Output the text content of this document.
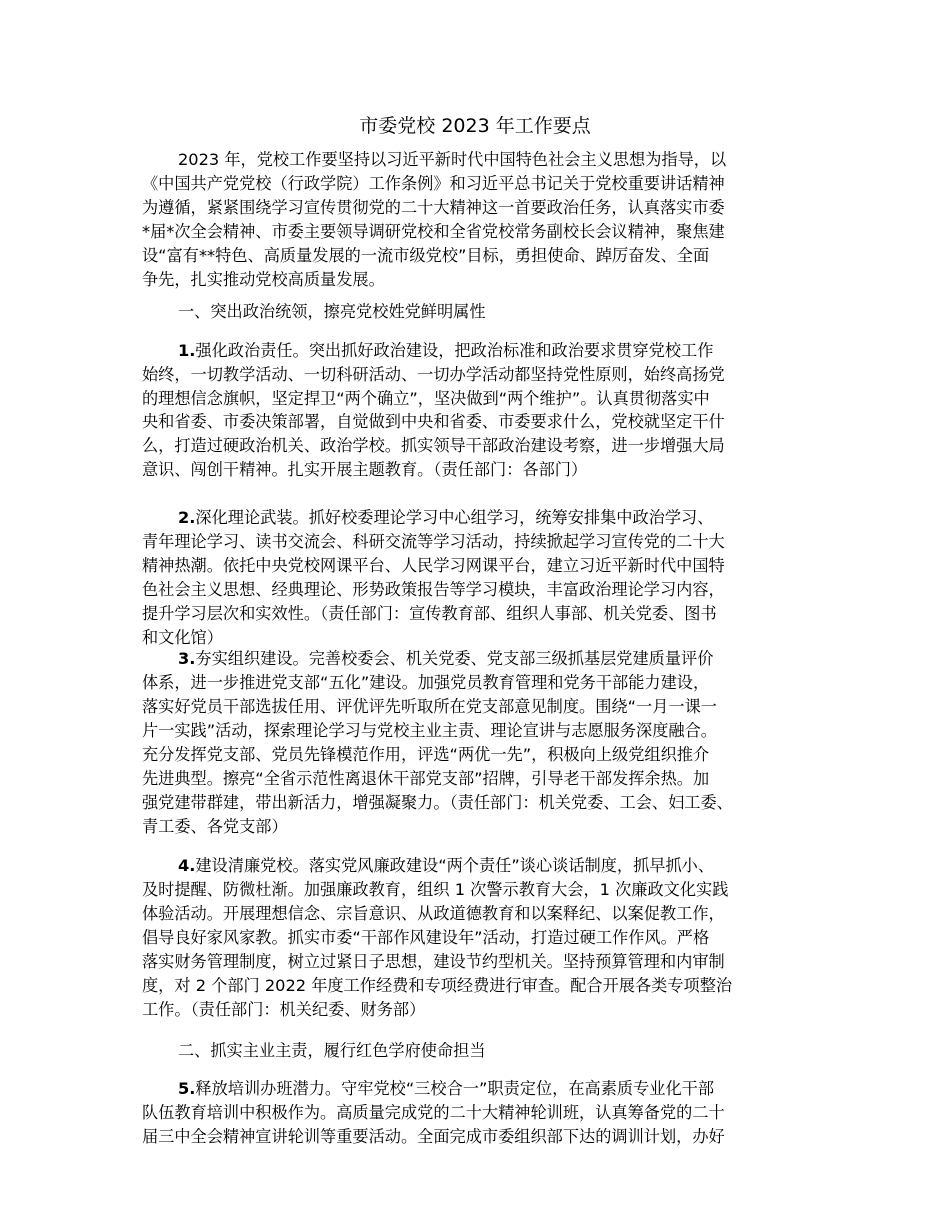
市委党校 2023 年工作要点
2023 年，党校工作要坚持以习近平新时代中国特色社会主义思想为指导，以
《中国共产党党校（行政学院）工作条例》和习近平总书记关于党校重要讲话精神
为遵循，紧紧围绕学习宣传贯彻党的二十大精神这一首要政治任务，认真落实市委
*届*次全会精神、市委主要领导调研党校和全省党校常务副校长会议精神，聚焦建
设“富有**特色、高质量发展的一流市级党校”目标，勇担使命、踔厉奋发、全面
争先，扎实推动党校高质量发展。
一、突出政治统领，擦亮党校姓党鲜明属性
1.强化政治责任。突出抓好政治建设，把政治标准和政治要求贯穿党校工作
始终，一切教学活动、一切科研活动、一切办学活动都坚持党性原则，始终高扬党
的理想信念旗帜，坚定捍卫“两个确立”，坚决做到“两个维护”。认真贯彻落实中
央和省委、市委决策部署，自觉做到中央和省委、市委要求什么，党校就坚定干什
么，打造过硬政治机关、政治学校。抓实领导干部政治建设考察，进一步增强大局
意识、闯创干精神。扎实开展主题教育。（责任部门：各部门）
2.深化理论武装。抓好校委理论学习中心组学习，统筹安排集中政治学习、
青年理论学习、读书交流会、科研交流等学习活动，持续掀起学习宣传党的二十大
精神热潮。依托中央党校网课平台、人民学习网课平台，建立习近平新时代中国特
色社会主义思想、经典理论、形势政策报告等学习模块，丰富政治理论学习内容，
提升学习层次和实效性。（责任部门：宣传教育部、组织人事部、机关党委、图书
和文化馆）
3.夯实组织建设。完善校委会、机关党委、党支部三级抓基层党建质量评价
体系，进一步推进党支部“五化”建设。加强党员教育管理和党务干部能力建设，
落实好党员干部选拔任用、评优评先听取所在党支部意见制度。围绕“一月一课一
片一实践”活动，探索理论学习与党校主业主责、理论宣讲与志愿服务深度融合。
充分发挥党支部、党员先锋模范作用，评选“两优一先”，积极向上级党组织推介
先进典型。擦亮“全省示范性离退休干部党支部”招牌，引导老干部发挥余热。加
强党建带群建，带出新活力，增强凝聚力。（责任部门：机关党委、工会、妇工委、
青工委、各党支部）
4.建设清廉党校。落实党风廉政建设“两个责任”谈心谈话制度，抓早抓小、
及时提醒、防微杜渐。加强廉政教育，组织 1 次警示教育大会，1 次廉政文化实践
体验活动。开展理想信念、宗旨意识、从政道德教育和以案释纪、以案促教工作，
倡导良好家风家教。抓实市委“干部作风建设年”活动，打造过硬工作作风。严格
落实财务管理制度，树立过紧日子思想，建设节约型机关。坚持预算管理和内审制
度，对 2 个部门 2022 年度工作经费和专项经费进行审查。配合开展各类专项整治
工作。（责任部门：机关纪委、财务部）
二、抓实主业主责，履行红色学府使命担当
5.释放培训办班潜力。守牢党校“三校合一”职责定位，在高素质专业化干部
队伍教育培训中积极作为。高质量完成党的二十大精神轮训班，认真筹备党的二十
届三中全会精神宣讲轮训等重要活动。全面完成市委组织部下达的调训计划，办好
